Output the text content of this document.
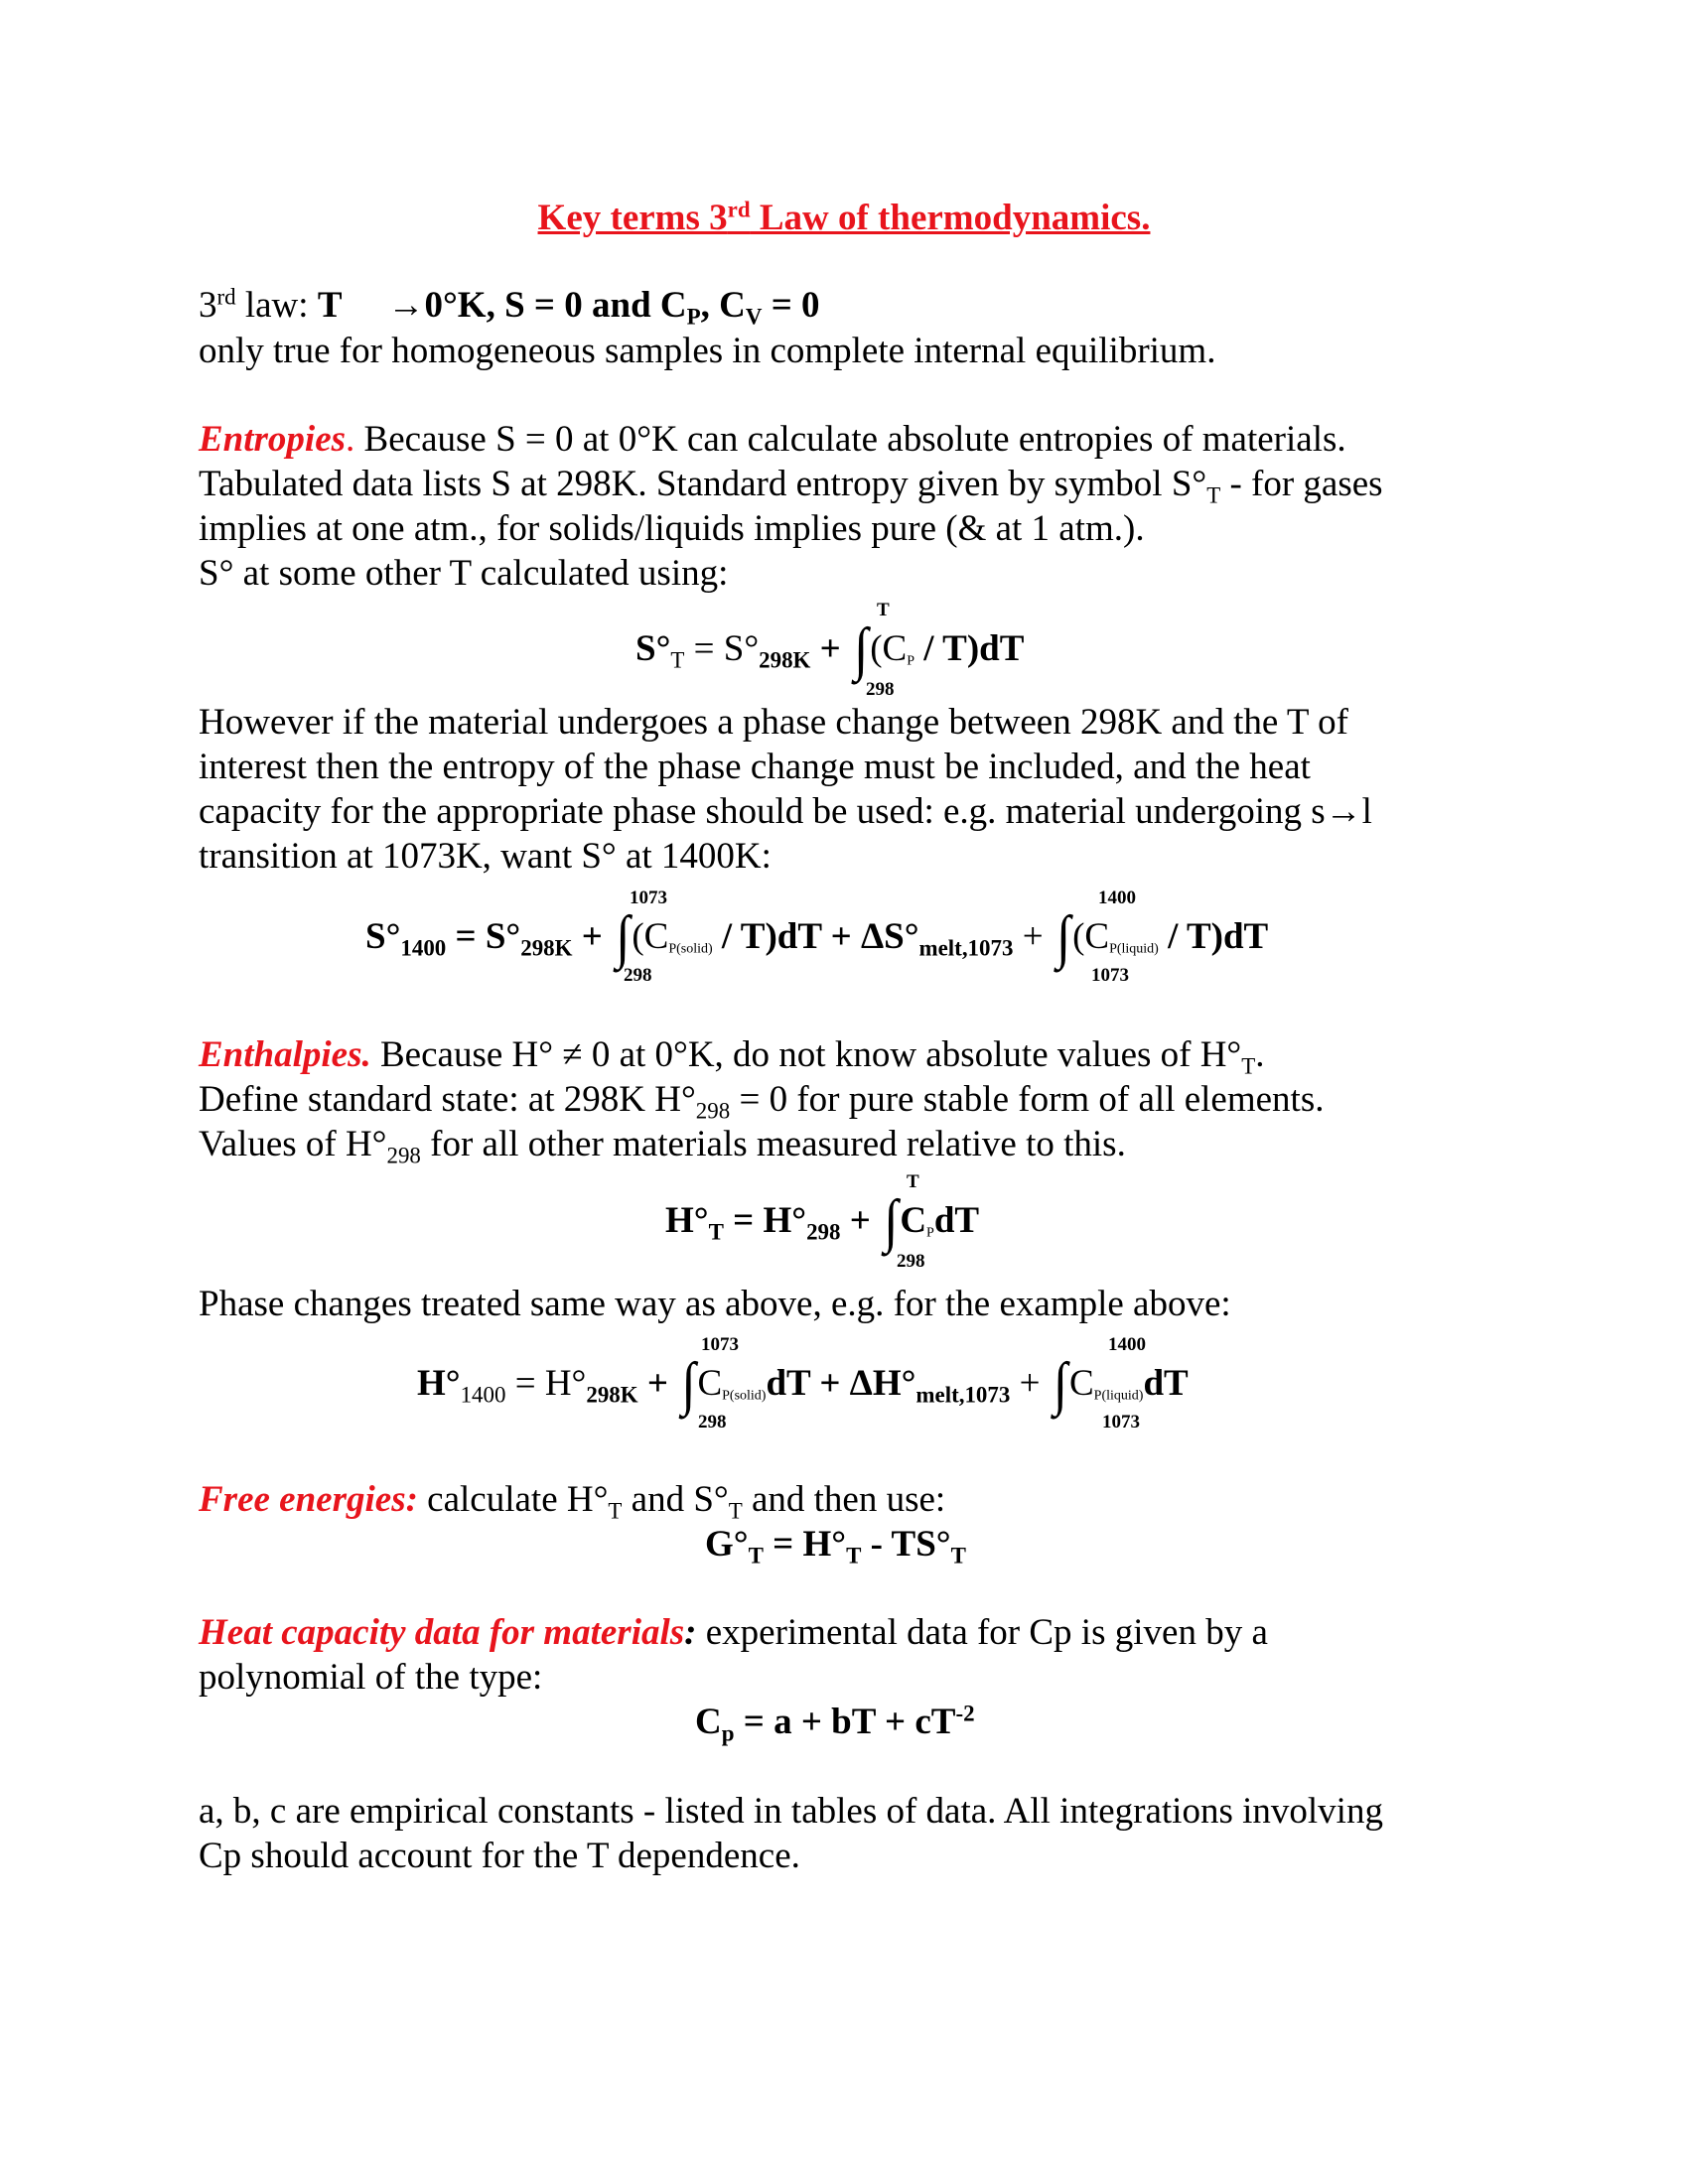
Key terms 3rd Law of thermodynamics.
3rd law: T →0°K, S = 0 and $C_P$, $C_V = 0$
only true for homogeneous samples in complete internal equilibrium.
Entropies. Because S = 0 at 0°K can calculate absolute entropies of materials.
Tabulated data lists S at 298K. Standard entropy given by symbol $S^\circ_T$ - for gases
implies at one atm., for solids/liquids implies pure (& at 1 atm.).
S° at some other T calculated using:
T
$S^\circ_T = S^\circ_{298K} + \int(C_P / T)dT$
298
However if the material undergoes a phase change between 298K and the T of
interest then the entropy of the phase change must be included, and the heat
capacity for the appropriate phase should be used: e.g. material undergoing s→l
transition at 1073K, want S° at 1400K:
1073	1400
$S^\circ_{1400} = S^\circ_{298K} + \int(C_{P(solid)} / T)dT + \Delta S^\circ_{melt,1073} + \int(C_{P(liquid)} / T)dT$
298	1073
Enthalpies. Because H° ≠ 0 at 0°K, do not know absolute values of $H^\circ_T$.
Define standard state: at 298K $H^\circ_{298} = 0$ for pure stable form of all elements.
Values of $H^\circ_{298}$ for all other materials measured relative to this.
T
$H^\circ_T = H^\circ_{298} + \int C_PdT$
298
Phase changes treated same way as above, e.g. for the example above:
1073	1400
$H^\circ_{1400} = H^\circ_{298K} + \int C_{P(solid)}dT + \Delta H^\circ_{melt,1073} + \int C_{P(liquid)}dT$
298	1073
Free energies: calculate $H^\circ_T$ and $S^\circ_T$ and then use:
$G^\circ_T = H^\circ_T - TS^\circ_T$
Heat capacity data for materials: experimental data for Cp is given by a
polynomial of the type:
$C_p = a$ + bT + $cT^{-2}$
a, b, c are empirical constants - listed in tables of data. All integrations involving
Cp should account for the T dependence.
